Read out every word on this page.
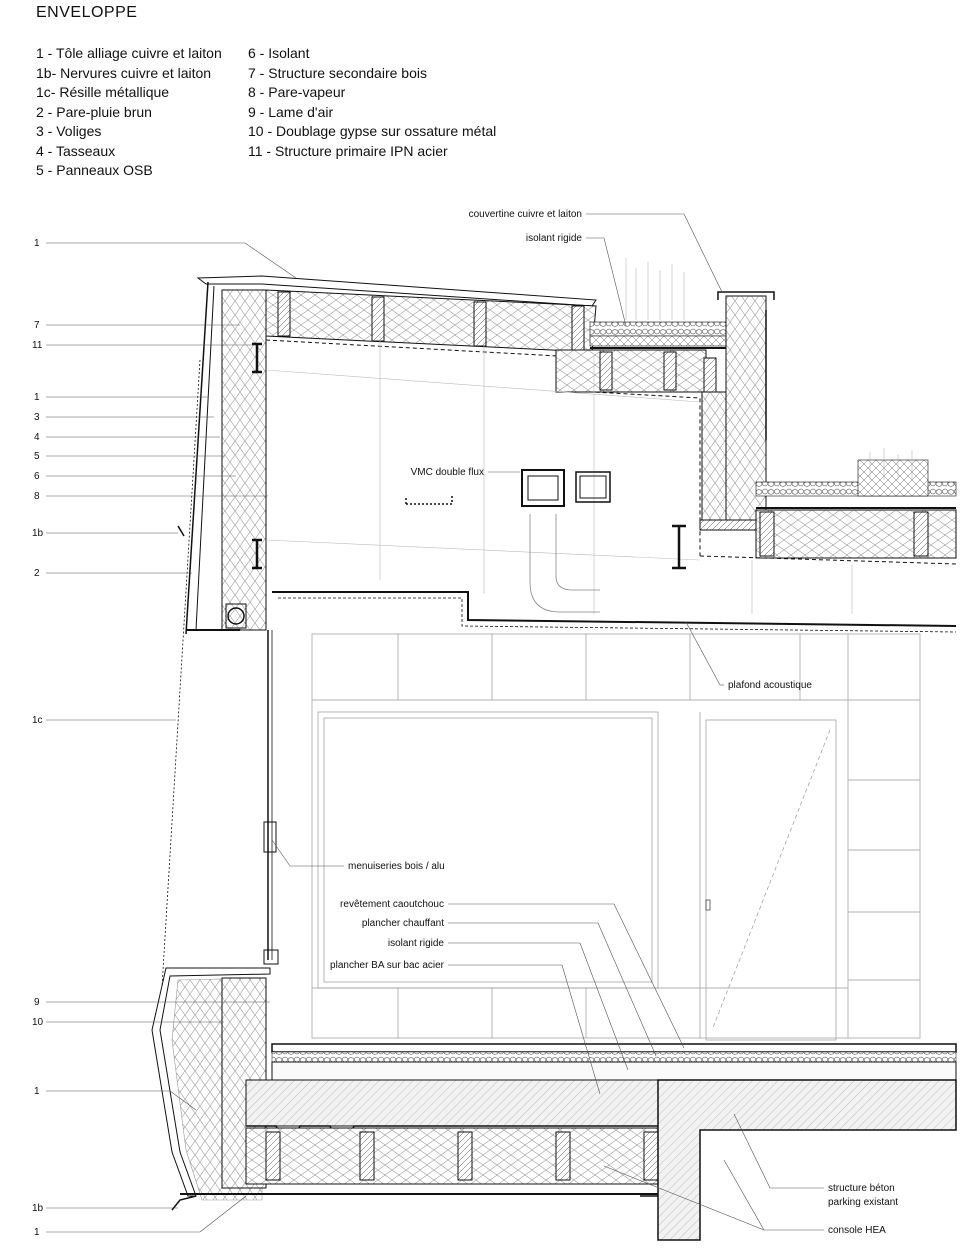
ENVELOPPE
1 - Tôle alliage cuivre et laiton
1b- Nervures cuivre et laiton
1c- Résille métallique
2 - Pare-pluie brun
3 - Voliges
4 - Tasseaux
5 - Panneaux OSB
6 - Isolant
7 - Structure secondaire bois
8 - Pare-vapeur
9 - Lame d'air
10 - Doublage gypse sur ossature métal
11 - Structure primaire IPN acier
1
7
11
1
3
4
5
6
8
1b
2
1c
9
10
1
1b
1
couvertine cuivre et laiton
isolant rigide
VMC double flux
plafond acoustique
menuiseries bois / alu
revêtement caoutchouc
plancher chauffant
isolant rigide
plancher BA sur bac acier
structure béton
parking existant
console HEA
